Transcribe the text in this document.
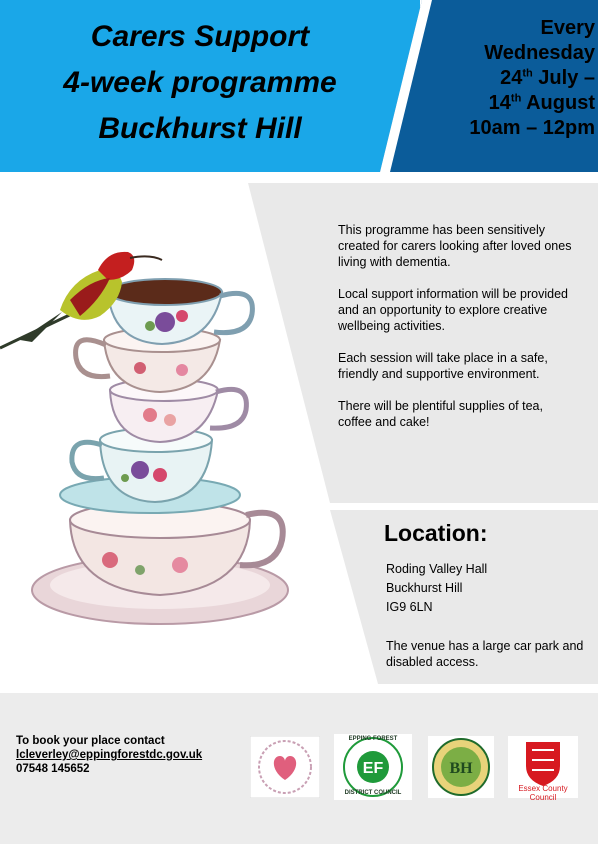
Carers Support
4-week programme
Buckhurst Hill
Every
Wednesday
24th July –
14th August
10am – 12pm

This programme has been sensitively created for carers looking after loved ones living with dementia.

Local support information will be provided and an opportunity to explore creative wellbeing activities.

Each session will take place in a safe, friendly and supportive environment.

There will be plentiful supplies of tea, coffee and cake!

Location:
Roding Valley Hall
Buckhurst Hill
IG9 6LN
The venue has a large car park and disabled access.
To book your place contact
lcleverley@eppingforestdc.gov.uk
07548 145652	EF
EPPING FOREST
DISTRICT COUNCIL
BH
Essex County Council
